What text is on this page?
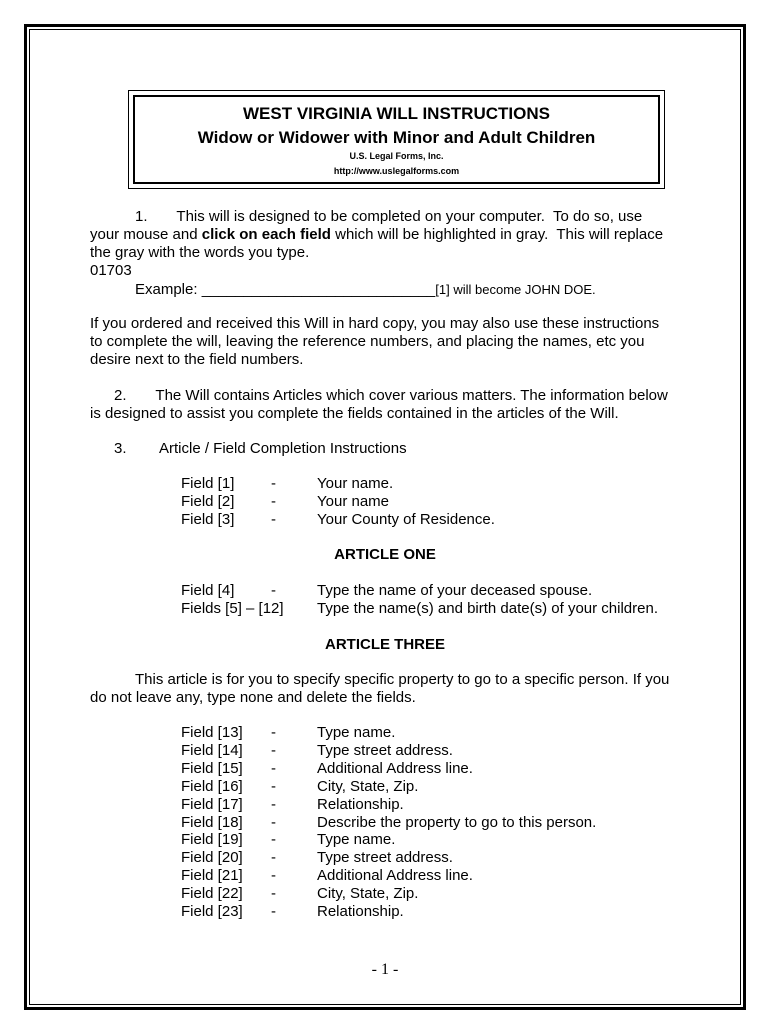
WEST VIRGINIA WILL INSTRUCTIONS
Widow or Widower with Minor and Adult Children
U.S. Legal Forms, Inc.
http://www.uslegalforms.com
1.       This will is designed to be completed on your computer.  To do so, use
your mouse and click on each field which will be highlighted in gray.  This will replace
the gray with the words you type.
01703
Example: ____________________________[1] will become JOHN DOE.
If you ordered and received this Will in hard copy, you may also use these instructions
to complete the will, leaving the reference numbers, and placing the names, etc you
desire next to the field numbers.
2.       The Will contains Articles which cover various matters. The information below
is designed to assist you complete the fields contained in the articles of the Will.
3. Article / Field Completion Instructions
Field [1] -	Your name.
Field [2] -	Your name
Field [3] -	Your County of Residence.
ARTICLE ONE
Field [4] -	Type the name of your deceased spouse.
Fields [5] – [12] Type the name(s) and birth date(s) of your children.
ARTICLE THREE
This article is for you to specify specific property to go to a specific person. If you
do not leave any, type none and delete the fields.
Field [13] -	Type name.
Field [14] -	Type street address.
Field [15] -	Additional Address line.
Field [16] -	City, State, Zip.
Field [17] -	Relationship.
Field [18] -	Describe the property to go to this person.
Field [19] -	Type name.
Field [20] -	Type street address.
Field [21] -	Additional Address line.
Field [22] -	City, State, Zip.
Field [23] -	Relationship.
- 1 -
